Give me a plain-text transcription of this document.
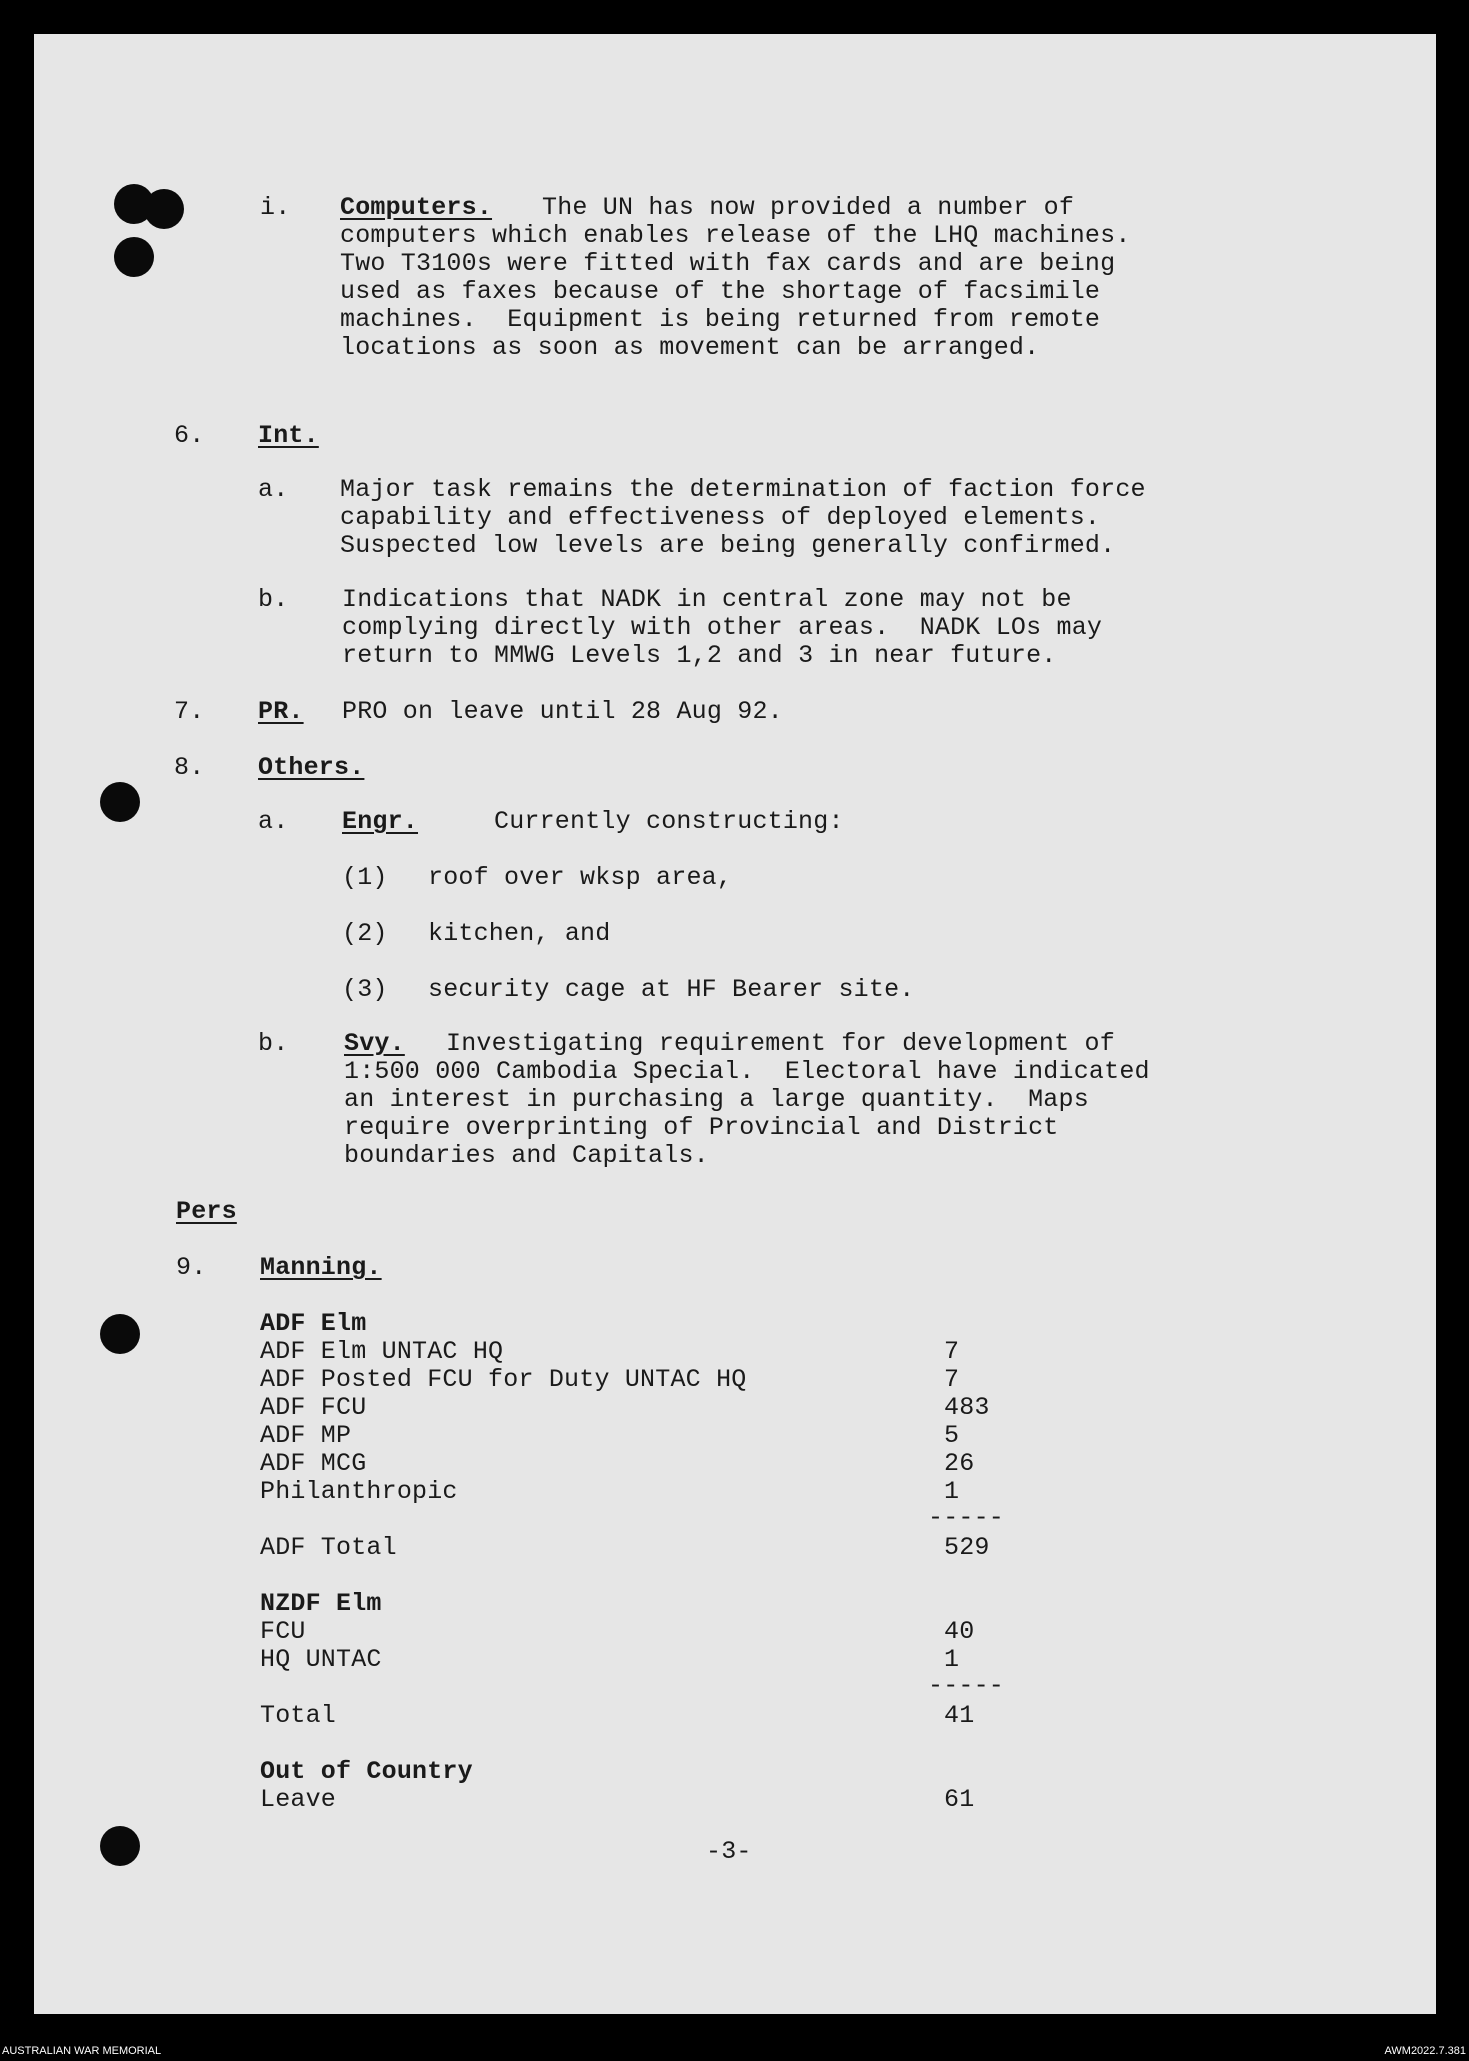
i. Computers. The UN has now provided a number of
computers which enables release of the LHQ machines.
Two T3100s were fitted with fax cards and are being
used as faxes because of the shortage of facsimile
machines.  Equipment is being returned from remote
locations as soon as movement can be arranged.
6. Int.
a. Major task remains the determination of faction force
capability and effectiveness of deployed elements.
Suspected low levels are being generally confirmed.
b. Indications that NADK in central zone may not be
complying directly with other areas.  NADK LOs may
return to MMWG Levels 1,2 and 3 in near future.
7. PR. PRO on leave until 28 Aug 92.
8. Others.
a. Engr.	Currently constructing:
(1) roof over wksp area,
(2) kitchen, and
(3) security cage at HF Bearer site.
b. Svy. Investigating requirement for development of
1:500 000 Cambodia Special.  Electoral have indicated
an interest in purchasing a large quantity.  Maps
require overprinting of Provincial and District
boundaries and Capitals.
Pers
9. Manning.
ADF Elm
ADF Elm UNTAC HQ	7
ADF Posted FCU for Duty UNTAC HQ	7
ADF FCU	483
ADF MP	5
ADF MCG	26
Philanthropic	1
-----
ADF Total	529
NZDF Elm
FCU	40
HQ UNTAC	1
-----
Total	41
Out of Country
Leave	61
-3-
AUSTRALIAN WAR MEMORIAL	AWM2022.7.381
